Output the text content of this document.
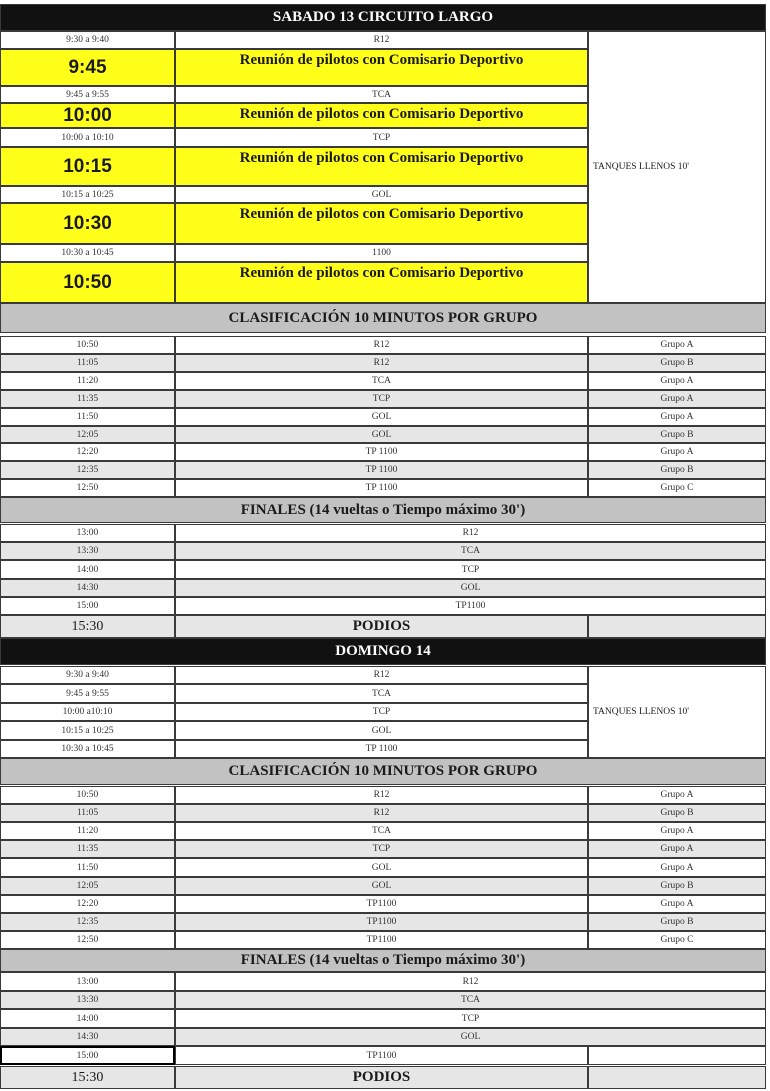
SABADO 13 CIRCUITO LARGO
9:30 a 9:40	R12
9:45	Reunión de pilotos con Comisario Deportivo
9:45 a 9:55	TCA
10:00	Reunión de pilotos con Comisario Deportivo
10:00 a 10:10	TCP
10:15	Reunión de pilotos con Comisario Deportivo
10:15 a 10:25	GOL
10:30	Reunión de pilotos con Comisario Deportivo
10:30 a 10:45	1100
10:50	Reunión de pilotos con Comisario Deportivo
TANQUES LLENOS 10'
CLASIFICACIÓN 10 MINUTOS POR GRUPO
10:50	R12	Grupo A
11:05	R12	Grupo B
11:20	TCA	Grupo A
11:35	TCP	Grupo A
11:50	GOL	Grupo A
12:05	GOL	Grupo B
12:20	TP 1100	Grupo A
12:35	TP 1100	Grupo B
12:50	TP 1100	Grupo C
FINALES (14 vueltas o Tiempo máximo 30')
13:00	R12
13:30	TCA
14:00	TCP
14:30	GOL
15:00	TP1100
15:30	PODIOS
DOMINGO 14
9:30 a 9:40	R12
9:45 a 9:55	TCA
10:00 a10:10	TCP
10:15 a 10:25	GOL
10:30 a 10:45	TP 1100
TANQUES LLENOS 10'
CLASIFICACIÓN 10 MINUTOS POR GRUPO
10:50	R12	Grupo A
11:05	R12	Grupo B
11:20	TCA	Grupo A
11:35	TCP	Grupo A
11:50	GOL	Grupo A
12:05	GOL	Grupo B
12:20	TP1100	Grupo A
12:35	TP1100	Grupo B
12:50	TP1100	Grupo C
FINALES (14 vueltas o Tiempo máximo 30')
13:00	R12
13:30	TCA
14:00	TCP
14:30	GOL
15:00	TP1100
15:30	PODIOS
